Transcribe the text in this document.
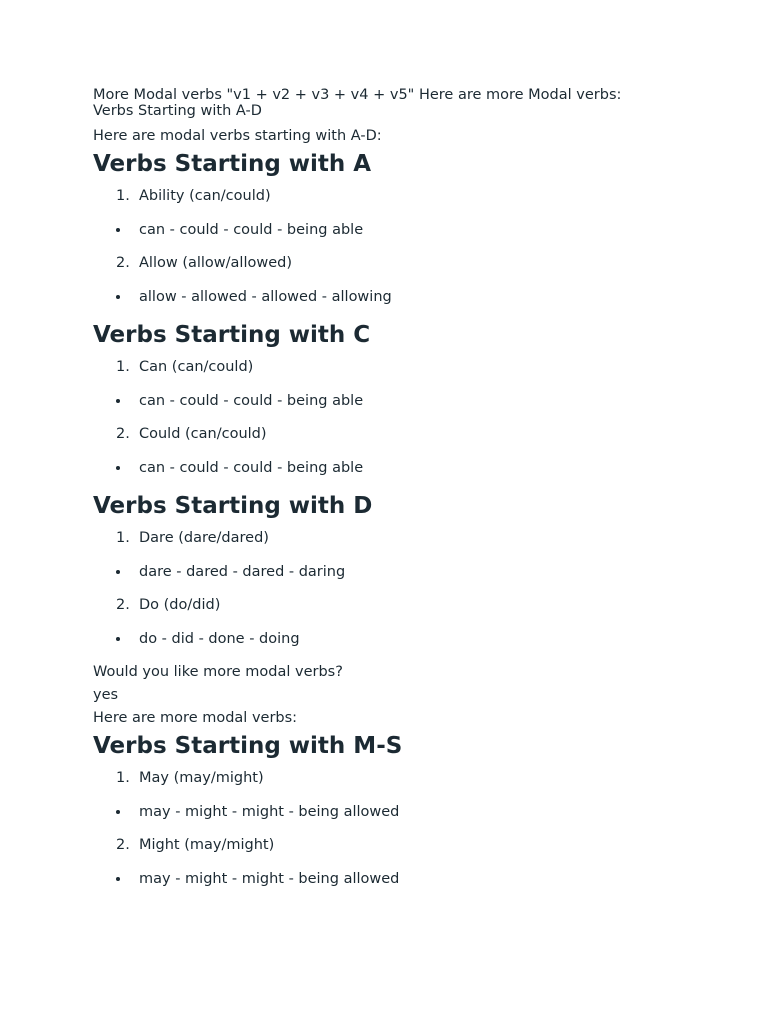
More Modal verbs "v1 + v2 + v3 + v4 + v5" Here are more Modal verbs:
Verbs Starting with A-D
Here are modal verbs starting with A-D:
Verbs Starting with A
1. Ability (can/could)
can - could - could - being able
2. Allow (allow/allowed)
allow - allowed - allowed - allowing
Verbs Starting with C
1. Can (can/could)
can - could - could - being able
2. Could (can/could)
can - could - could - being able
Verbs Starting with D
1. Dare (dare/dared)
dare - dared - dared - daring
2. Do (do/did)
do - did - done - doing
Would you like more modal verbs?
yes
Here are more modal verbs:
Verbs Starting with M-S
1. May (may/might)
may - might - might - being allowed
2. Might (may/might)
may - might - might - being allowed
